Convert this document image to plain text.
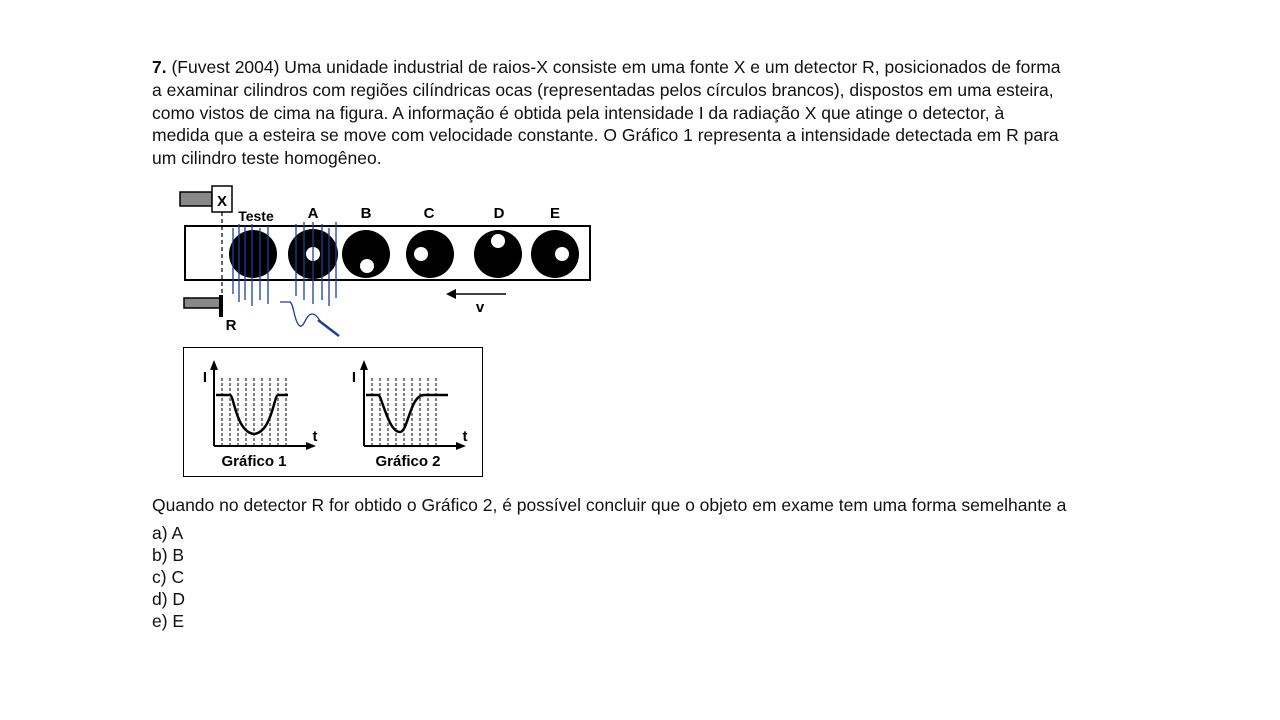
7. (Fuvest 2004) Uma unidade industrial de raios-X consiste em uma fonte X e um detector R, posicionados de forma
a examinar cilindros com regiões cilíndricas ocas (representadas pelos círculos brancos), dispostos em uma esteira,
como vistos de cima na figura. A informação é obtida pela intensidade I da radiação X que atinge o detector, à
medida que a esteira se move com velocidade constante. O Gráfico 1 representa a intensidade detectada em R para
um cilindro teste homogêneo.
X
Teste A	B	C	D	E
R
v
I
t
Gráfico 1
I
t
Gráfico 2
Quando no detector R for obtido o Gráfico 2, é possível concluir que o objeto em exame tem uma forma semelhante a
a) A
b) B
c) C
d) D
e) E
